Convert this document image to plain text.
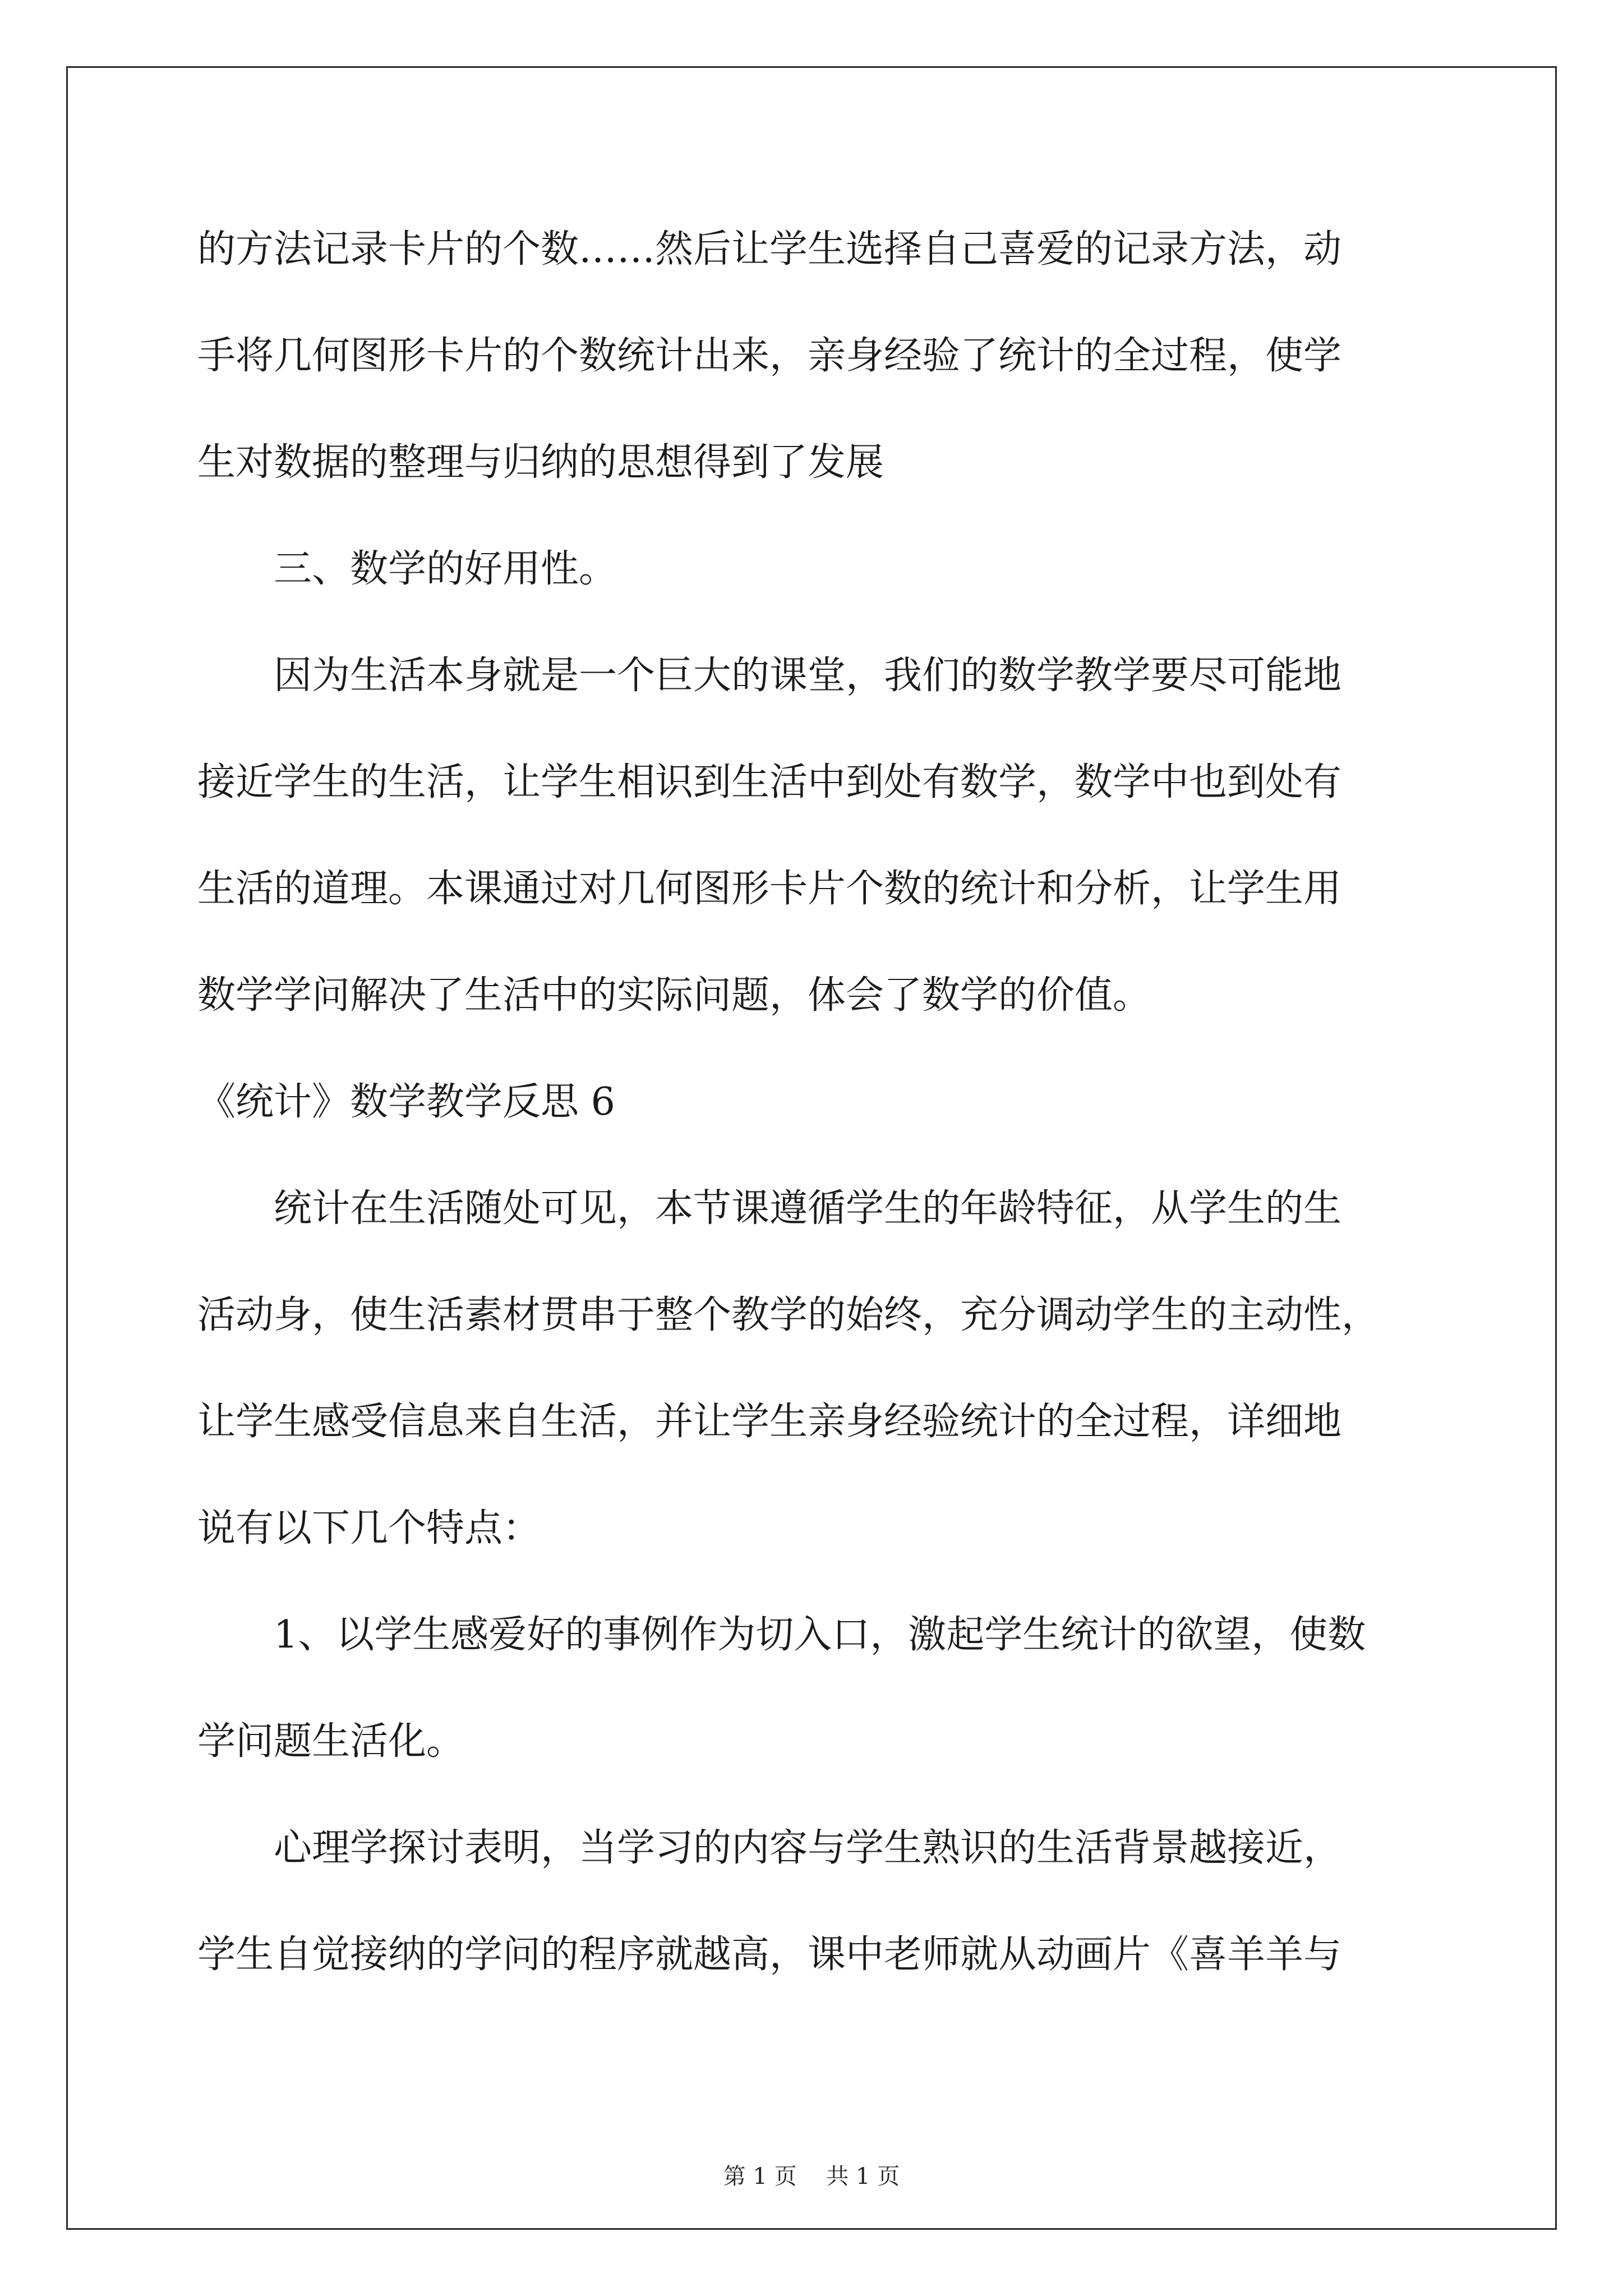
的方法记录卡片的个数……然后让学生选择自己喜爱的记录方法，动
手将几何图形卡片的个数统计出来，亲身经验了统计的全过程，使学
生对数据的整理与归纳的思想得到了发展
　　三、数学的好用性。
　　因为生活本身就是一个巨大的课堂，我们的数学教学要尽可能地
接近学生的生活，让学生相识到生活中到处有数学，数学中也到处有
生活的道理。本课通过对几何图形卡片个数的统计和分析，让学生用
数学学问解决了生活中的实际问题，体会了数学的价值。
《统计》数学教学反思 6
　　统计在生活随处可见，本节课遵循学生的年龄特征，从学生的生
活动身，使生活素材贯串于整个教学的始终，充分调动学生的主动性，
让学生感受信息来自生活，并让学生亲身经验统计的全过程，详细地
说有以下几个特点：
　　1、以学生感爱好的事例作为切入口，激起学生统计的欲望，使数
学问题生活化。
　　心理学探讨表明，当学习的内容与学生熟识的生活背景越接近，
学生自觉接纳的学问的程序就越高，课中老师就从动画片《喜羊羊与
第 1 页　 共 1 页
